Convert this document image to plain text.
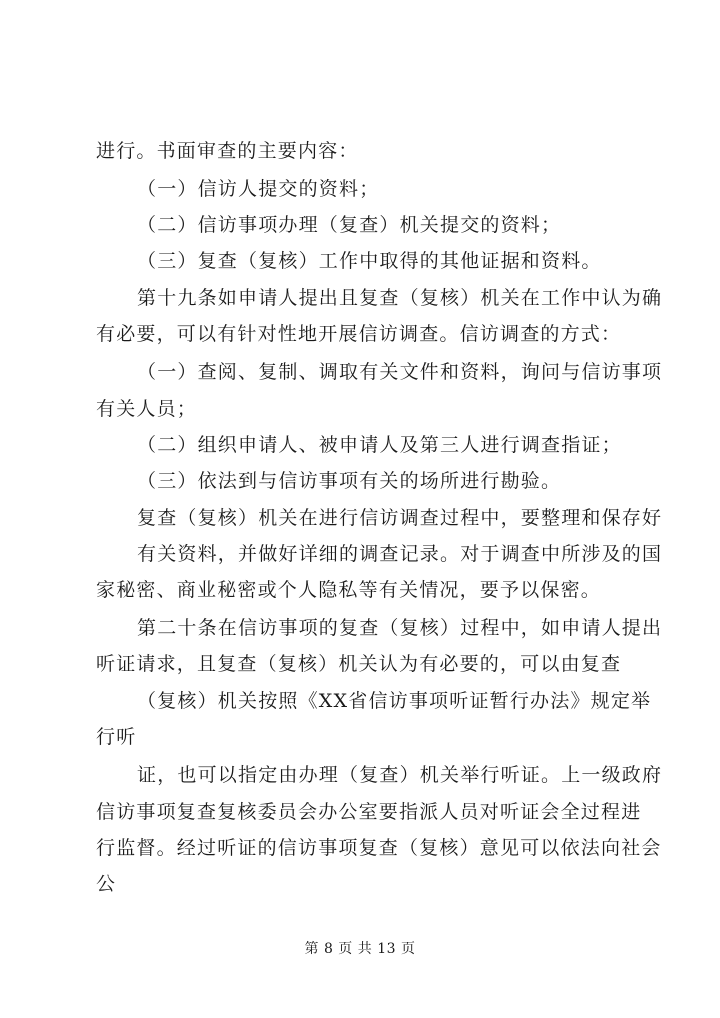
进行。书面审查的主要内容：
（一）信访人提交的资料；
（二）信访事项办理（复查）机关提交的资料；
（三）复查（复核）工作中取得的其他证据和资料。
第十九条如申请人提出且复查（复核）机关在工作中认为确
有必要，可以有针对性地开展信访调查。信访调查的方式：
（一）查阅、复制、调取有关文件和资料，询问与信访事项
有关人员；
（二）组织申请人、被申请人及第三人进行调查指证；
（三）依法到与信访事项有关的场所进行勘验。
复查（复核）机关在进行信访调查过程中，要整理和保存好
有关资料，并做好详细的调查记录。对于调查中所涉及的国
家秘密、商业秘密或个人隐私等有关情况，要予以保密。
第二十条在信访事项的复查（复核）过程中，如申请人提出
听证请求，且复查（复核）机关认为有必要的，可以由复查
（复核）机关按照《XX省信访事项听证暂行办法》规定举
行听
证，也可以指定由办理（复查）机关举行听证。上一级政府
信访事项复查复核委员会办公室要指派人员对听证会全过程进
行监督。经过听证的信访事项复查（复核）意见可以依法向社会
公
第 8 页 共 13 页
